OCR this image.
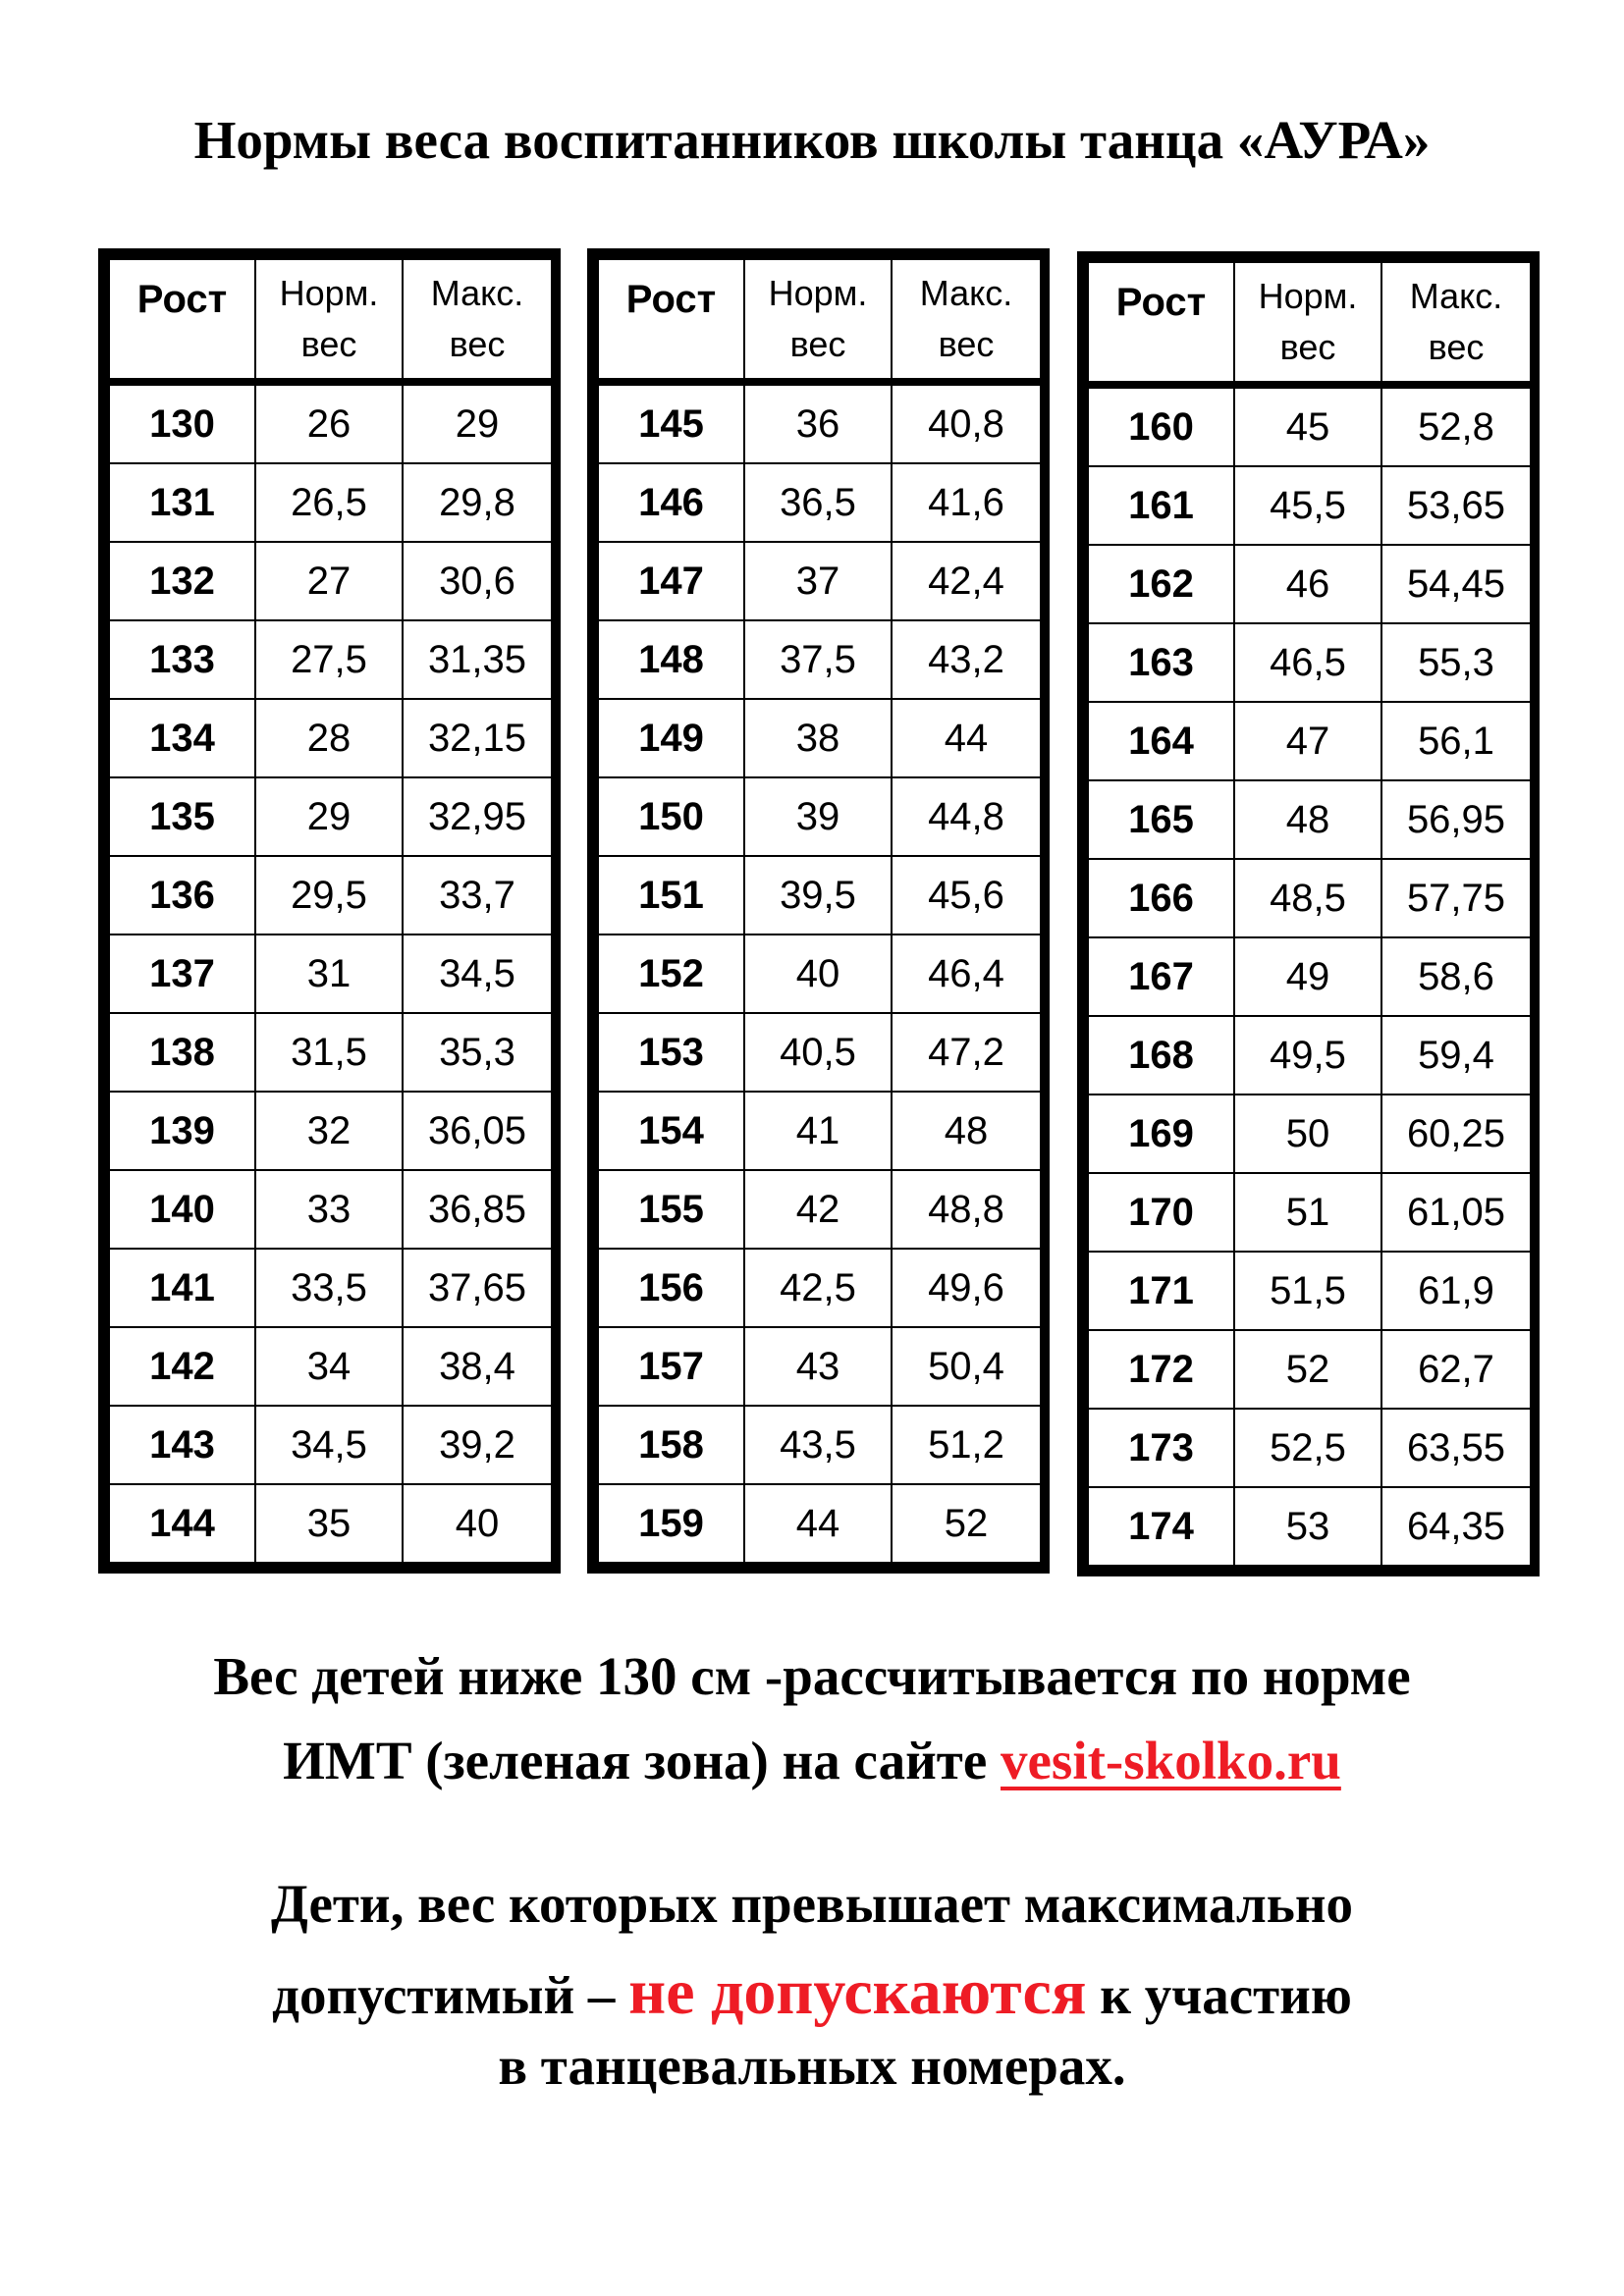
Нормы веса воспитанников школы танца «АУРА»
Рост	Норм. вес	Макс. вес
130	26	29
131	26,5	29,8
132	27	30,6
133	27,5	31,35
134	28	32,15
135	29	32,95
136	29,5	33,7
137	31	34,5
138	31,5	35,3
139	32	36,05
140	33	36,85
141	33,5	37,65
142	34	38,4
143	34,5	39,2
144	35	40
Рост	Норм. вес	Макс. вес
145	36	40,8
146	36,5	41,6
147	37	42,4
148	37,5	43,2
149	38	44
150	39	44,8
151	39,5	45,6
152	40	46,4
153	40,5	47,2
154	41	48
155	42	48,8
156	42,5	49,6
157	43	50,4
158	43,5	51,2
159	44	52
Рост	Норм. вес	Макс. вес
160	45	52,8
161	45,5	53,65
162	46	54,45
163	46,5	55,3
164	47	56,1
165	48	56,95
166	48,5	57,75
167	49	58,6
168	49,5	59,4
169	50	60,25
170	51	61,05
171	51,5	61,9
172	52	62,7
173	52,5	63,55
174	53	64,35
Вес детей ниже 130 см -рассчитывается по норме
ИМТ (зеленая зона) на сайте vesit-skolko.ru
Дети, вес которых превышает максимально
допустимый – не допускаются к участию
в танцевальных номерах.
